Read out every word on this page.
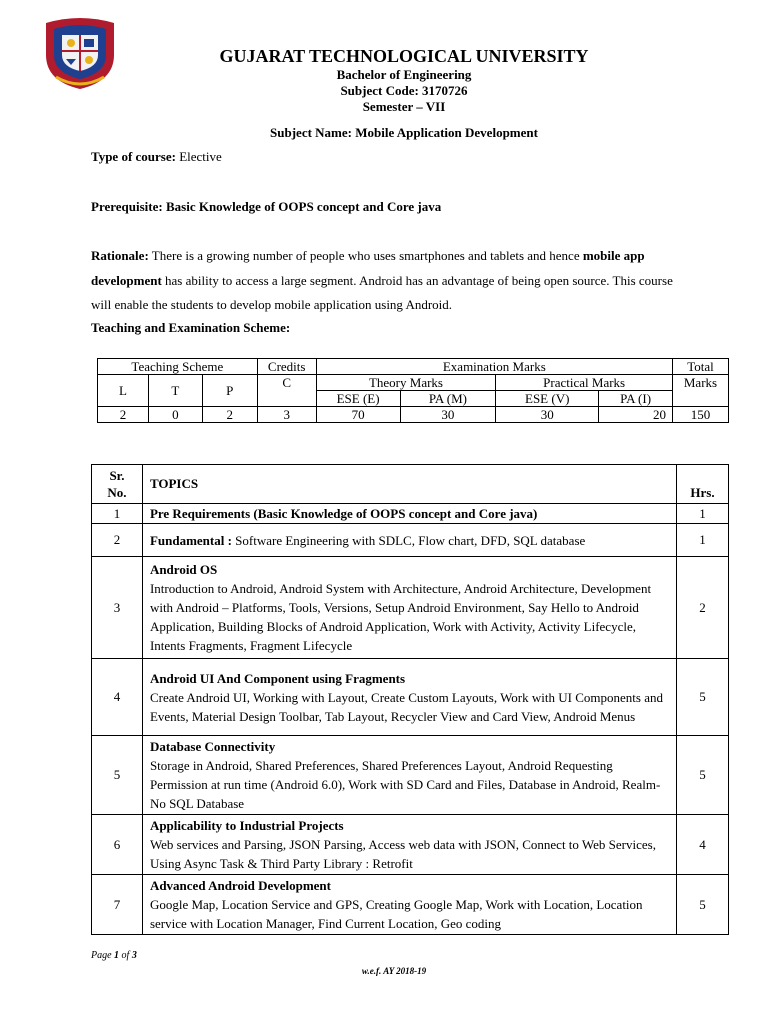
GUJARAT TECHNOLOGICAL UNIVERSITY
Bachelor of Engineering
Subject Code: 3170726
Semester – VII
Subject Name: Mobile Application Development
Type of course: Elective
Prerequisite: Basic Knowledge of OOPS concept and Core java
Rationale: There is a growing number of people who uses smartphones and tablets and hence mobile app development has ability to access a large segment. Android has an advantage of being open source. This course will enable the students to develop mobile application using Android.
Teaching and Examination Scheme:
Teaching Scheme			Credits	Examination Marks				Total
L	T	P	C	Theory Marks		Practical Marks		Marks
				ESE (E)	PA (M)	ESE (V)	PA (I)	
2	0	2	3	70	30	30	20	150
Sr.
No.	TOPICS	Hrs.
1	Pre Requirements (Basic Knowledge of OOPS concept and Core java)	1
2	Fundamental : Software Engineering with SDLC, Flow chart, DFD, SQL database	1
3	Android OS
Introduction to Android, Android System with Architecture, Android Architecture, Development with Android – Platforms, Tools, Versions, Setup Android Environment, Say Hello to Android Application, Building Blocks of Android Application, Work with Activity, Activity Lifecycle, Intents Fragments, Fragment Lifecycle	2
4	Android UI And Component using Fragments
Create Android UI, Working with Layout, Create Custom Layouts, Work with UI Components and Events, Material Design Toolbar, Tab Layout, Recycler View and Card View, Android Menus	5
5	Database Connectivity
Storage in Android, Shared Preferences, Shared Preferences Layout, Android Requesting Permission at run time (Android 6.0), Work with SD Card and Files, Database in Android, Realm-No SQL Database	5
6	Applicability to Industrial Projects
Web services and Parsing, JSON Parsing, Access web data with JSON, Connect to Web Services, Using Async Task & Third Party Library : Retrofit	4
7	Advanced Android Development
Google Map, Location Service and GPS, Creating Google Map, Work with Location, Location service with Location Manager, Find Current Location, Geo coding	5
Page 1 of 3
w.e.f. AY 2018-19
